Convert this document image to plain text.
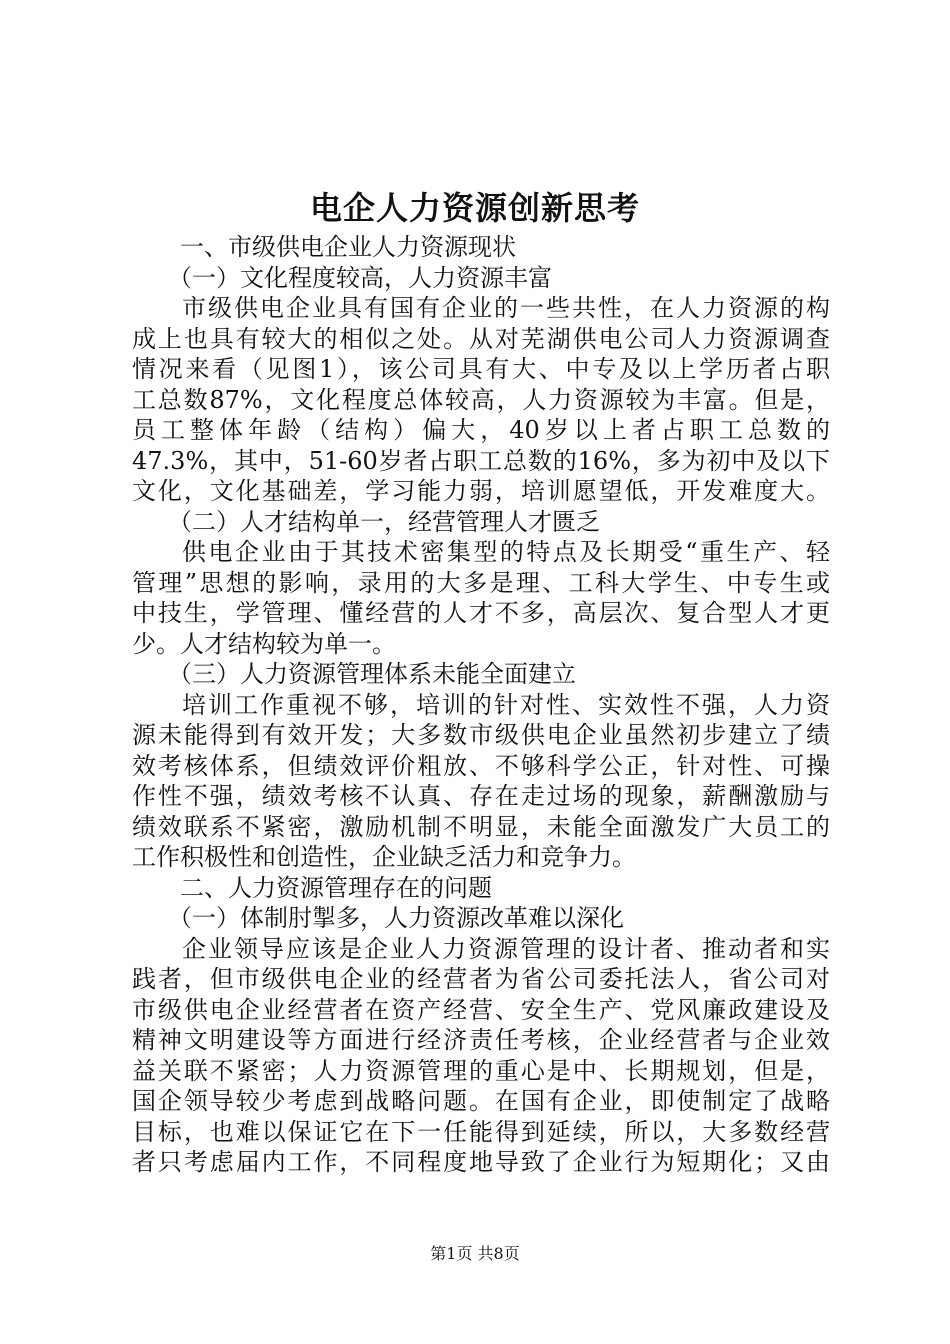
电企人力资源创新思考

一、市级供电企业人力资源现状

（一）文化程度较高，人力资源丰富

市级供电企业具有国有企业的一些共性，在人力资源的构

成上也具有较大的相似之处。从对芜湖供电公司人力资源调查

情况来看（见图1），该公司具有大、中专及以上学历者占职

工总数87%，文化程度总体较高，人力资源较为丰富。但是，

员工整体年龄（结构）偏大，40岁以上者占职工总数的

47.3%，其中，51-60岁者占职工总数的16%，多为初中及以下

文化，文化基础差，学习能力弱，培训愿望低，开发难度大。

（二）人才结构单一，经营管理人才匮乏

供电企业由于其技术密集型的特点及长期受“重生产、轻

管理”思想的影响，录用的大多是理、工科大学生、中专生或

中技生，学管理、懂经营的人才不多，高层次、复合型人才更

少。人才结构较为单一。

（三）人力资源管理体系未能全面建立

培训工作重视不够，培训的针对性、实效性不强，人力资

源未能得到有效开发；大多数市级供电企业虽然初步建立了绩

效考核体系，但绩效评价粗放、不够科学公正，针对性、可操

作性不强，绩效考核不认真、存在走过场的现象，薪酬激励与

绩效联系不紧密，激励机制不明显，未能全面激发广大员工的

工作积极性和创造性，企业缺乏活力和竞争力。

二、人力资源管理存在的问题

（一）体制肘掣多，人力资源改革难以深化

企业领导应该是企业人力资源管理的设计者、推动者和实

践者，但市级供电企业的经营者为省公司委托法人，省公司对

市级供电企业经营者在资产经营、安全生产、党风廉政建设及

精神文明建设等方面进行经济责任考核，企业经营者与企业效

益关联不紧密；人力资源管理的重心是中、长期规划，但是，

国企领导较少考虑到战略问题。在国有企业，即使制定了战略

目标，也难以保证它在下一任能得到延续，所以，大多数经营

者只考虑届内工作，不同程度地导致了企业行为短期化；又由

第1页 共8页
